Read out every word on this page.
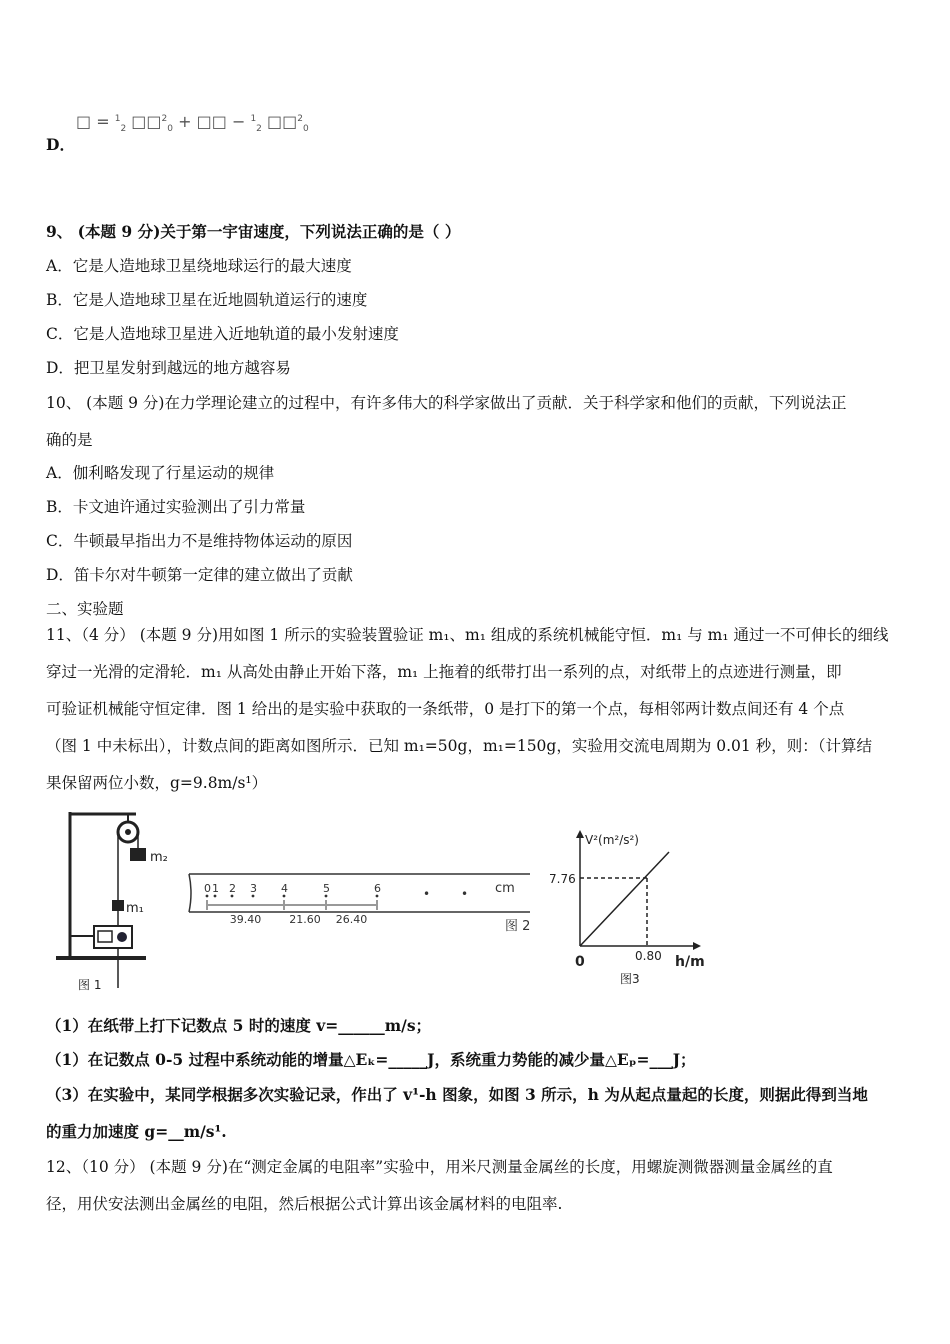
□ = $^1_2$ □□$^2_0$ + □□ − $^1_2$ □□$^2_0$
D．
9、 (本题 9 分)关于第一宇宙速度，下列说法正确的是（ ）
A．它是人造地球卫星绕地球运行的最大速度
B．它是人造地球卫星在近地圆轨道运行的速度
C．它是人造地球卫星进入近地轨道的最小发射速度
D．把卫星发射到越远的地方越容易
10、 (本题 9 分)在力学理论建立的过程中，有许多伟大的科学家做出了贡献．关于科学家和他们的贡献，下列说法正
确的是
A．伽利略发现了行星运动的规律
B．卡文迪许通过实验测出了引力常量
C．牛顿最早指出力不是维持物体运动的原因
D．笛卡尔对牛顿第一定律的建立做出了贡献
二、实验题
11、（4 分） (本题 9 分)用如图 1 所示的实验装置验证 m₁、m₁ 组成的系统机械能守恒．m₁ 与 m₁ 通过一不可伸长的细线
穿过一光滑的定滑轮．m₁ 从高处由静止开始下落，m₁ 上拖着的纸带打出一系列的点，对纸带上的点迹进行测量，即
可验证机械能守恒定律．图 1 给出的是实验中获取的一条纸带，0 是打下的第一个点，每相邻两计数点间还有 4 个点
（图 1 中未标出），计数点间的距离如图所示．已知 m₁=50g，m₁=150g，实验用交流电周期为 0.01 秒，则：（计算结
果保留两位小数，g=9.8m/s¹）
m₂
m₁
图 1
0 1 2 3 4	5	6
39.40	21.60 26.40
•	• cm
图 2
V²(m²/s²)
h/m
0
7.76
0.80
图3
（1）在纸带上打下记数点 5 时的速度 v=______m/s；
（1）在记数点 0-5 过程中系统动能的增量△Eₖ=_____J，系统重力势能的减少量△Eₚ=___J；
（3）在实验中，某同学根据多次实验记录，作出了 v¹-h 图象，如图 3 所示，h 为从起点量起的长度，则据此得到当地
的重力加速度 g=__m/s¹.
12、（10 分） (本题 9 分)在“测定金属的电阻率”实验中，用米尺测量金属丝的长度，用螺旋测微器测量金属丝的直
径，用伏安法测出金属丝的电阻，然后根据公式计算出该金属材料的电阻率.
